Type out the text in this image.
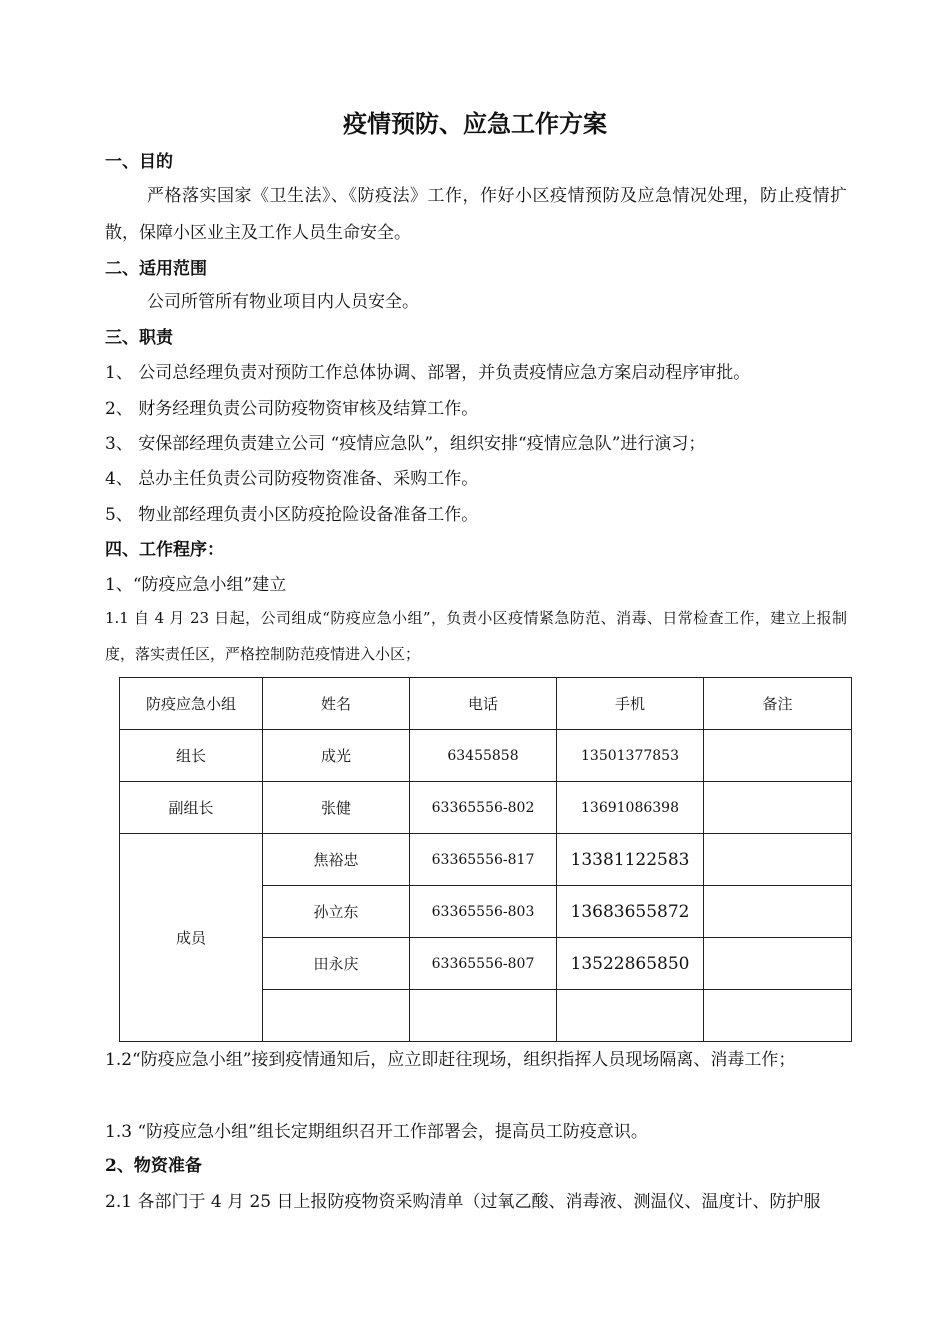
疫情预防、应急工作方案
一、目的

严格落实国家《卫生法》、《防疫法》工作，作好小区疫情预防及应急情况处理，防止疫情扩散，保障小区业主及工作人员生命安全。

二、适用范围

公司所管所有物业项目内人员安全。

三、职责

1、 公司总经理负责对预防工作总体协调、部署，并负责疫情应急方案启动程序审批。

2、 财务经理负责公司防疫物资审核及结算工作。

3、 安保部经理负责建立公司 “疫情应急队”，组织安排“疫情应急队”进行演习；

4、 总办主任负责公司防疫物资准备、采购工作。

5、 物业部经理负责小区防疫抢险设备准备工作。

四、工作程序：

1、“防疫应急小组”建立

1.1 自 4 月 23 日起，公司组成“防疫应急小组”，负责小区疫情紧急防范、消毒、日常检查工作，建立上报制度，落实责任区，严格控制防范疫情进入小区；

防疫应急小组	姓名	电话	手机	备注
组长	成光	63455858	13501377853	
副组长	张健	63365556-802	13691086398	
成员	焦裕忠	63365556-817	13381122583	
	孙立东	63365556-803	13683655872	
	田永庆	63365556-807	13522865850	

1.2“防疫应急小组”接到疫情通知后，应立即赶往现场，组织指挥人员现场隔离、消毒工作；

1.3 “防疫应急小组”组长定期组织召开工作部署会，提高员工防疫意识。

2、物资准备

2.1 各部门于 4 月 25 日上报防疫物资采购清单（过氧乙酸、消毒液、测温仪、温度计、防护服
